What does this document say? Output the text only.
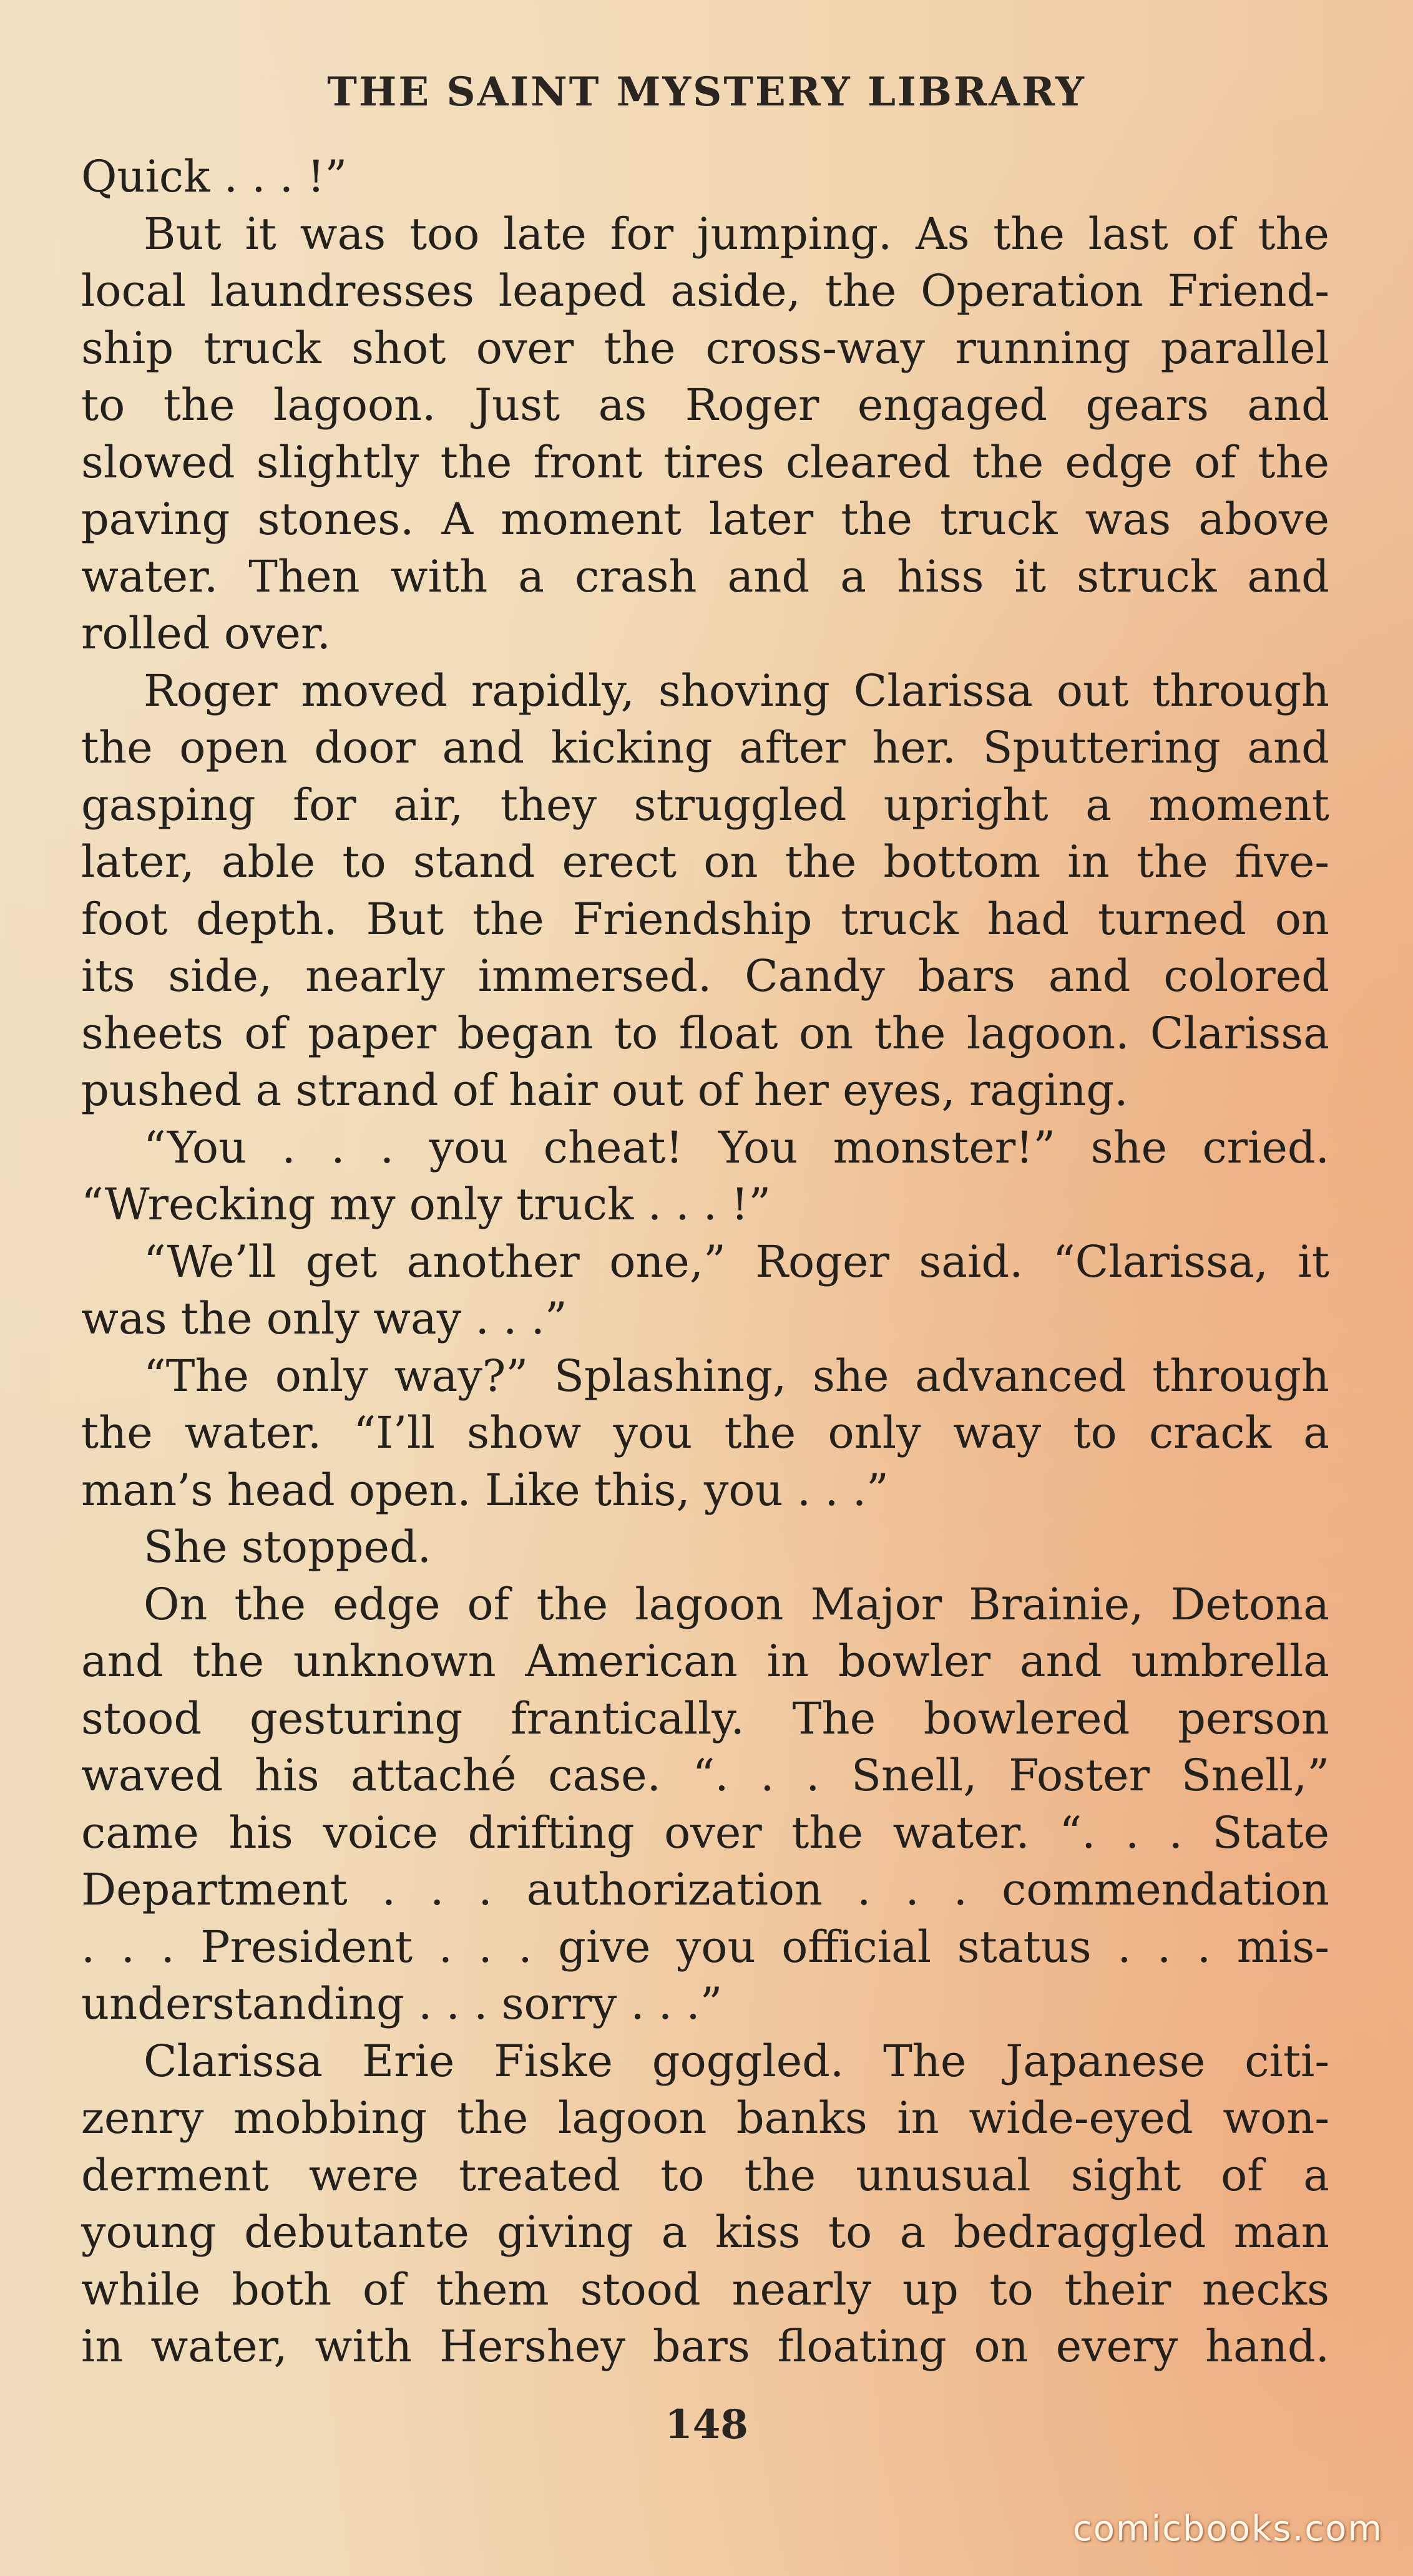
THE SAINT MYSTERY LIBRARY
Quick . . . !”
But it was too late for jumping. As the last of the
local laundresses leaped aside, the Operation Friend-
ship truck shot over the cross-way running parallel
to the lagoon. Just as Roger engaged gears and
slowed slightly the front tires cleared the edge of the
paving stones. A moment later the truck was above
water. Then with a crash and a hiss it struck and
rolled over.
Roger moved rapidly, shoving Clarissa out through
the open door and kicking after her. Sputtering and
gasping for air, they struggled upright a moment
later, able to stand erect on the bottom in the five-
foot depth. But the Friendship truck had turned on
its side, nearly immersed. Candy bars and colored
sheets of paper began to float on the lagoon. Clarissa
pushed a strand of hair out of her eyes, raging.
“You . . . you cheat! You monster!” she cried.
“Wrecking my only truck . . . !”
“We’ll get another one,” Roger said. “Clarissa, it
was the only way . . .”
“The only way?” Splashing, she advanced through
the water. “I’ll show you the only way to crack a
man’s head open. Like this, you . . .”
She stopped.
On the edge of the lagoon Major Brainie, Detona
and the unknown American in bowler and umbrella
stood gesturing frantically. The bowlered person
waved his attaché case. “. . . Snell, Foster Snell,”
came his voice drifting over the water. “. . . State
Department . . . authorization . . . commendation
. . . President . . . give you official status . . . mis-
understanding . . . sorry . . .”
Clarissa Erie Fiske goggled. The Japanese citi-
zenry mobbing the lagoon banks in wide-eyed won-
derment were treated to the unusual sight of a
young debutante giving a kiss to a bedraggled man
while both of them stood nearly up to their necks
in water, with Hershey bars floating on every hand.
148
comicbooks.com
